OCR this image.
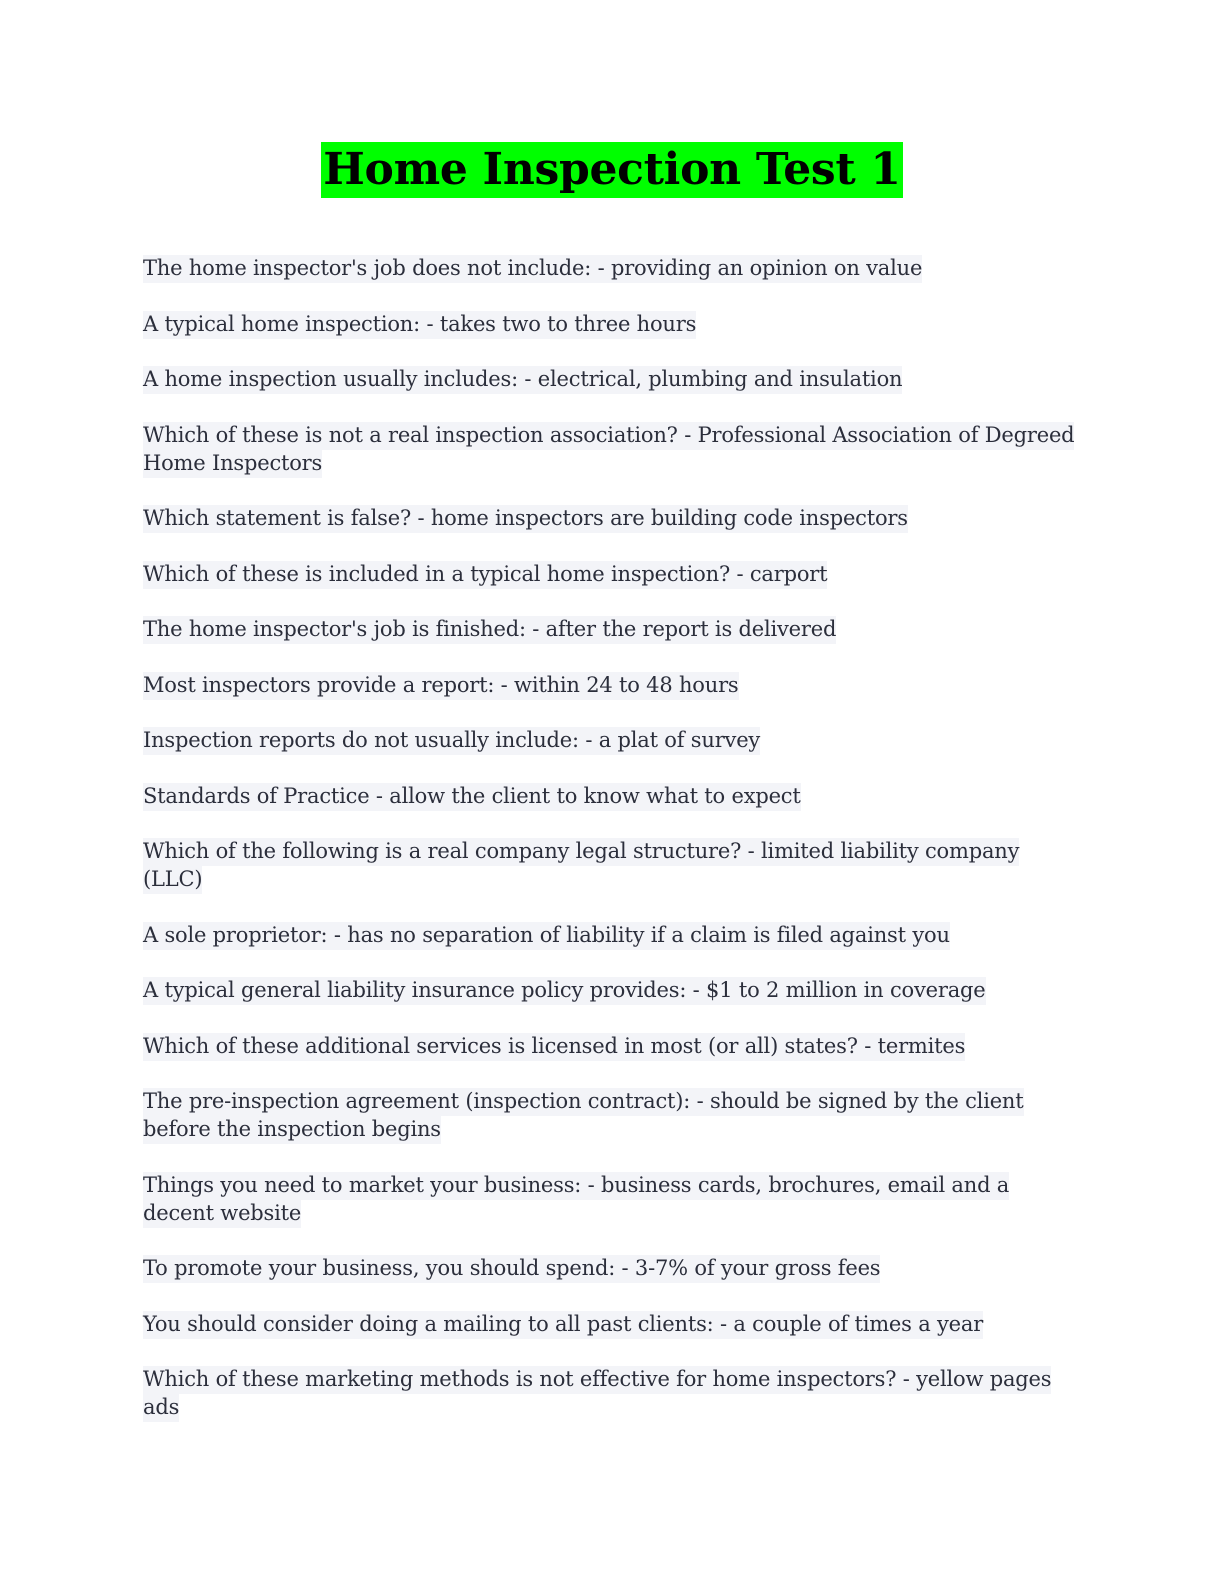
Home Inspection Test 1

The home inspector's job does not include: - providing an opinion on value

A typical home inspection: - takes two to three hours

A home inspection usually includes: - electrical, plumbing and insulation

Which of these is not a real inspection association? - Professional Association of Degreed Home Inspectors

Which statement is false? - home inspectors are building code inspectors

Which of these is included in a typical home inspection? - carport

The home inspector's job is finished: - after the report is delivered

Most inspectors provide a report: - within 24 to 48 hours

Inspection reports do not usually include: - a plat of survey

Standards of Practice - allow the client to know what to expect

Which of the following is a real company legal structure? - limited liability company (LLC)

A sole proprietor: - has no separation of liability if a claim is filed against you

A typical general liability insurance policy provides: - $1 to 2 million in coverage

Which of these additional services is licensed in most (or all) states? - termites

The pre-inspection agreement (inspection contract): - should be signed by the client before the inspection begins

Things you need to market your business: - business cards, brochures, email and a decent website

To promote your business, you should spend: - 3-7% of your gross fees

You should consider doing a mailing to all past clients: - a couple of times a year

Which of these marketing methods is not effective for home inspectors? - yellow pages ads
